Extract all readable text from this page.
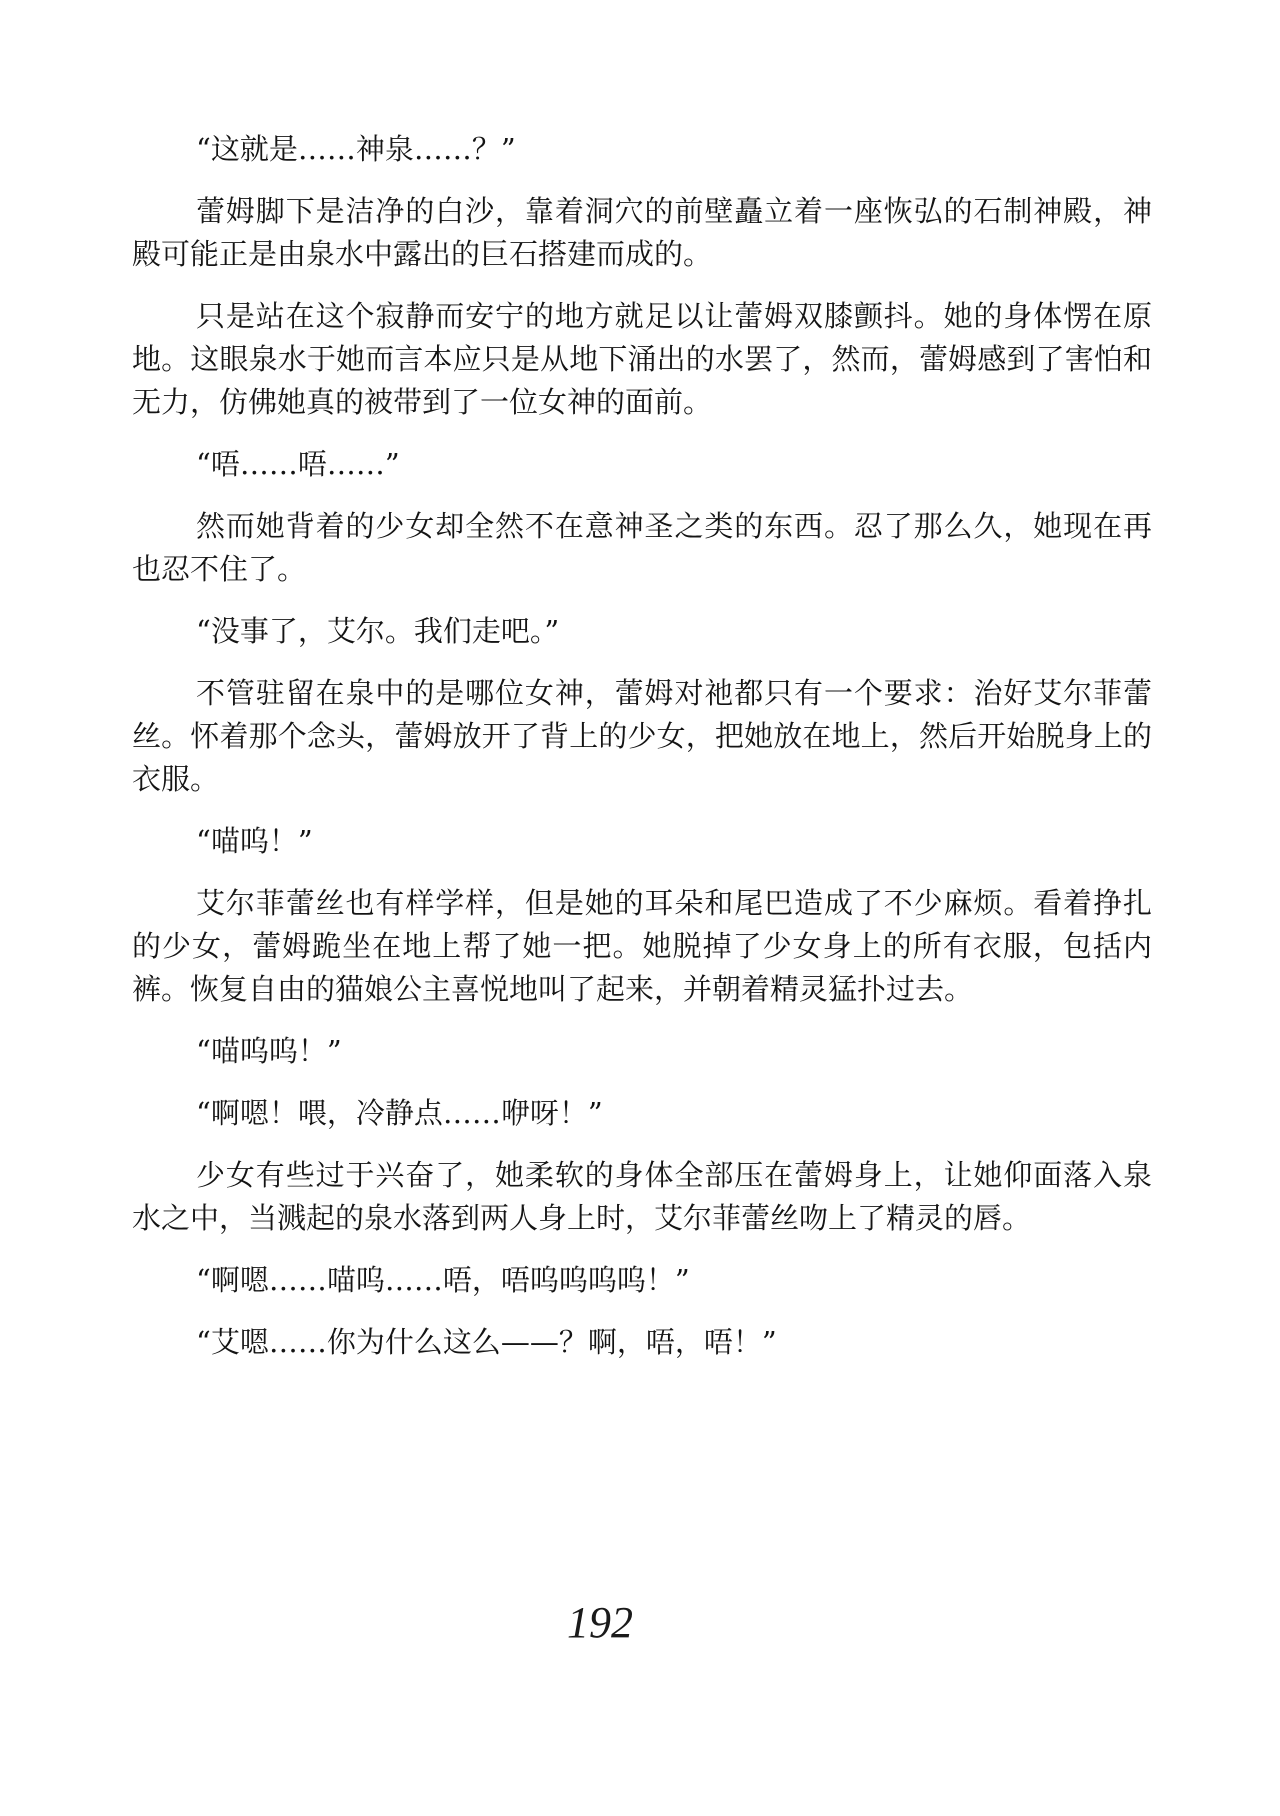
“这就是……神泉……？”

蕾姆脚下是洁净的白沙，靠着洞穴的前壁矗立着一座恢弘的石制神殿，神殿可能正是由泉水中露出的巨石搭建而成的。

只是站在这个寂静而安宁的地方就足以让蕾姆双膝颤抖。她的身体愣在原地。这眼泉水于她而言本应只是从地下涌出的水罢了，然而，蕾姆感到了害怕和无力，仿佛她真的被带到了一位女神的面前。

“唔……唔……”

然而她背着的少女却全然不在意神圣之类的东西。忍了那么久，她现在再也忍不住了。

“没事了，艾尔。我们走吧。”

不管驻留在泉中的是哪位女神，蕾姆对祂都只有一个要求：治好艾尔菲蕾丝。怀着那个念头，蕾姆放开了背上的少女，把她放在地上，然后开始脱身上的衣服。

“喵呜！”

艾尔菲蕾丝也有样学样，但是她的耳朵和尾巴造成了不少麻烦。看着挣扎的少女，蕾姆跪坐在地上帮了她一把。她脱掉了少女身上的所有衣服，包括内裤。恢复自由的猫娘公主喜悦地叫了起来，并朝着精灵猛扑过去。

“喵呜呜！”

“啊嗯！喂，冷静点……咿呀！”

少女有些过于兴奋了，她柔软的身体全部压在蕾姆身上，让她仰面落入泉水之中，当溅起的泉水落到两人身上时，艾尔菲蕾丝吻上了精灵的唇。

“啊嗯……喵呜……唔，唔呜呜呜呜！”

“艾嗯……你为什么这么——？啊，唔，唔！”

192
